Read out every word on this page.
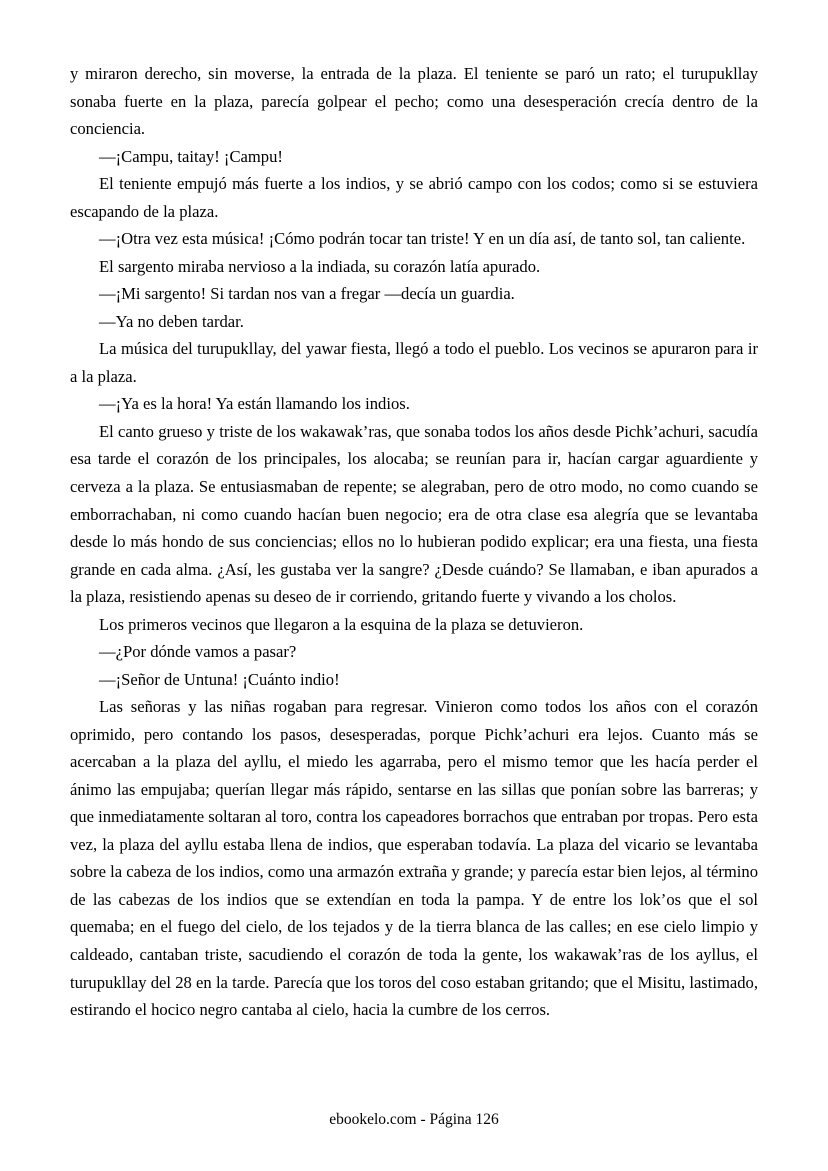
y miraron derecho, sin moverse, la entrada de la plaza. El teniente se paró un rato; el turupukllay sonaba fuerte en la plaza, parecía golpear el pecho; como una desesperación crecía dentro de la conciencia.

—¡Campu, taitay! ¡Campu!

El teniente empujó más fuerte a los indios, y se abrió campo con los codos; como si se estuviera escapando de la plaza.

—¡Otra vez esta música! ¡Cómo podrán tocar tan triste! Y en un día así, de tanto sol, tan caliente.

El sargento miraba nervioso a la indiada, su corazón latía apurado.

—¡Mi sargento! Si tardan nos van a fregar —decía un guardia.

—Ya no deben tardar.

La música del turupukllay, del yawar fiesta, llegó a todo el pueblo. Los vecinos se apuraron para ir a la plaza.

—¡Ya es la hora! Ya están llamando los indios.

El canto grueso y triste de los wakawak’ras, que sonaba todos los años desde Pichk’achuri, sacudía esa tarde el corazón de los principales, los alocaba; se reunían para ir, hacían cargar aguardiente y cerveza a la plaza. Se entusiasmaban de repente; se alegraban, pero de otro modo, no como cuando se emborrachaban, ni como cuando hacían buen negocio; era de otra clase esa alegría que se levantaba desde lo más hondo de sus conciencias; ellos no lo hubieran podido explicar; era una fiesta, una fiesta grande en cada alma. ¿Así, les gustaba ver la sangre? ¿Desde cuándo? Se llamaban, e iban apurados a la plaza, resistiendo apenas su deseo de ir corriendo, gritando fuerte y vivando a los cholos.

Los primeros vecinos que llegaron a la esquina de la plaza se detuvieron.

—¿Por dónde vamos a pasar?

—¡Señor de Untuna! ¡Cuánto indio!

Las señoras y las niñas rogaban para regresar. Vinieron como todos los años con el corazón oprimido, pero contando los pasos, desesperadas, porque Pichk’achuri era lejos. Cuanto más se acercaban a la plaza del ayllu, el miedo les agarraba, pero el mismo temor que les hacía perder el ánimo las empujaba; querían llegar más rápido, sentarse en las sillas que ponían sobre las barreras; y que inmediatamente soltaran al toro, contra los capeadores borrachos que entraban por tropas. Pero esta vez, la plaza del ayllu estaba llena de indios, que esperaban todavía. La plaza del vicario se levantaba sobre la cabeza de los indios, como una armazón extraña y grande; y parecía estar bien lejos, al término de las cabezas de los indios que se extendían en toda la pampa. Y de entre los lok’os que el sol quemaba; en el fuego del cielo, de los tejados y de la tierra blanca de las calles; en ese cielo limpio y caldeado, cantaban triste, sacudiendo el corazón de toda la gente, los wakawak’ras de los ayllus, el turupukllay del 28 en la tarde. Parecía que los toros del coso estaban gritando; que el Misitu, lastimado, estirando el hocico negro cantaba al cielo, hacia la cumbre de los cerros.

ebookelo.com - Página 126
